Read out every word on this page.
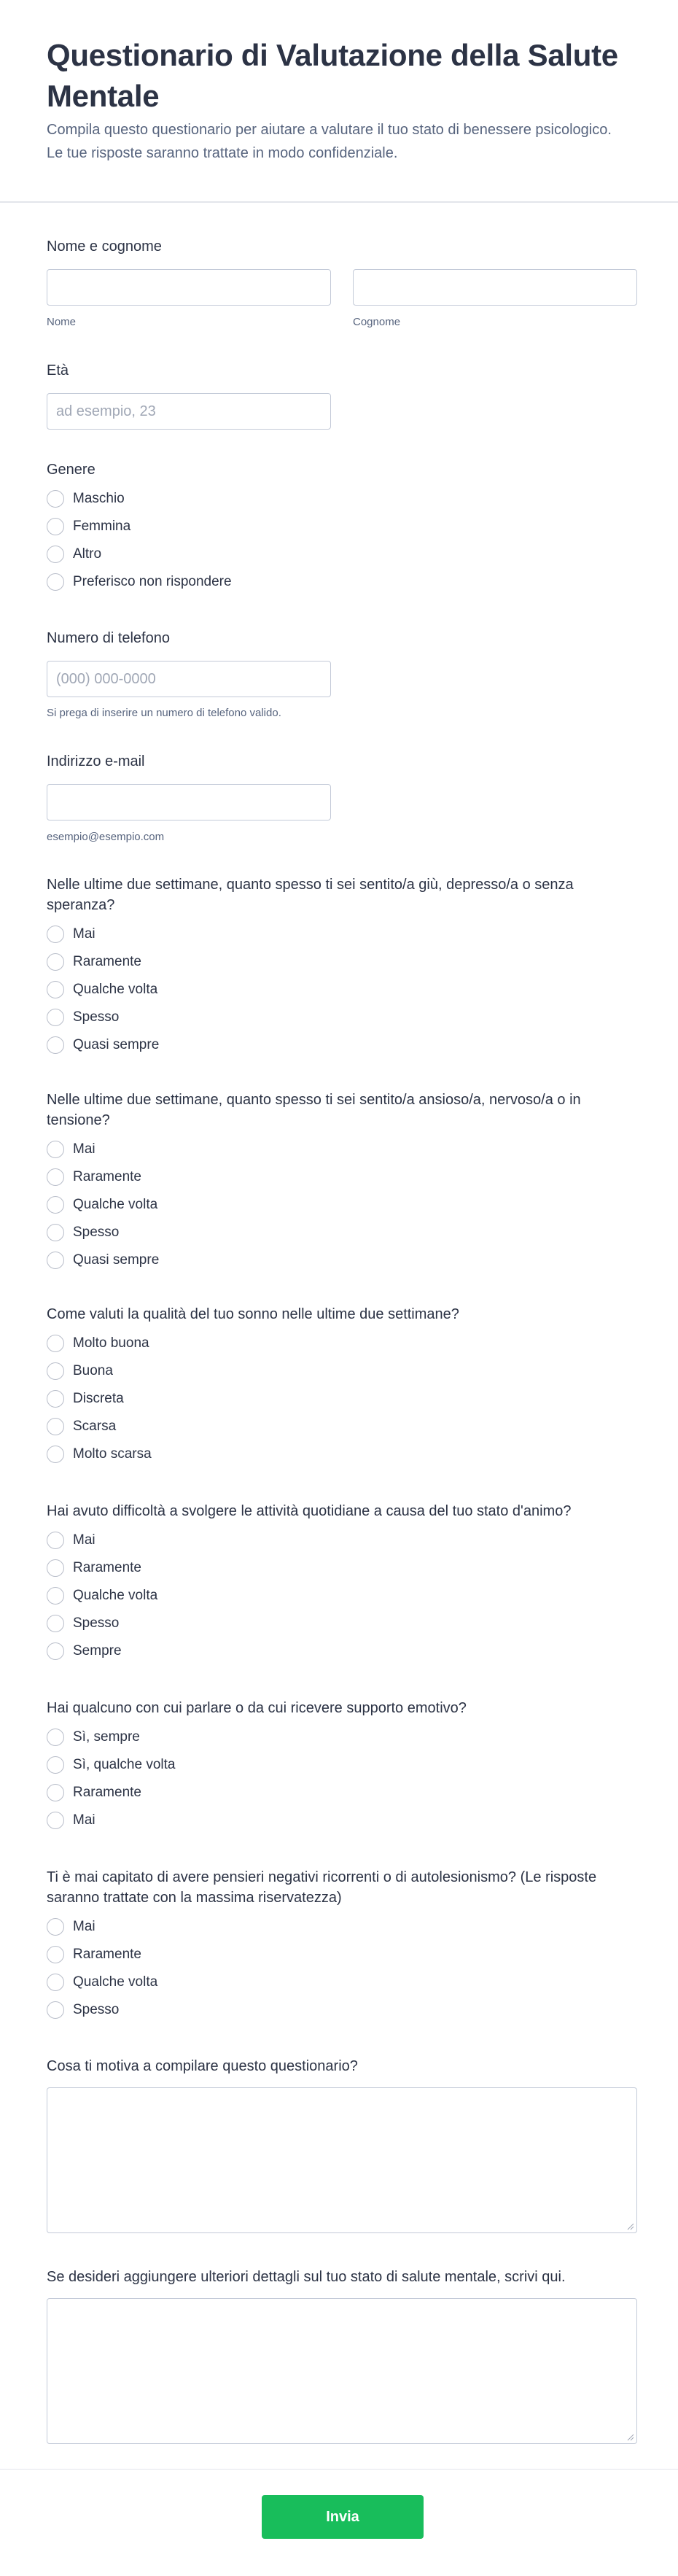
Questionario di Valutazione della Salute Mentale

Compila questo questionario per aiutare a valutare il tuo stato di benessere psicologico. Le tue risposte saranno trattate in modo confidenziale.

Nome e cognome
Nome	Cognome
Età
ad esempio, 23
Genere
Maschio
Femmina
Altro
Preferisco non rispondere
Numero di telefono
(000) 000-0000
Si prega di inserire un numero di telefono valido.
Indirizzo e-mail
esempio@esempio.com
Nelle ultime due settimane, quanto spesso ti sei sentito/a giù, depresso/a o senza speranza?
Mai
Raramente
Qualche volta
Spesso
Quasi sempre
Nelle ultime due settimane, quanto spesso ti sei sentito/a ansioso/a, nervoso/a o in tensione?
Mai
Raramente
Qualche volta
Spesso
Quasi sempre
Come valuti la qualità del tuo sonno nelle ultime due settimane?
Molto buona
Buona
Discreta
Scarsa
Molto scarsa
Hai avuto difficoltà a svolgere le attività quotidiane a causa del tuo stato d'animo?
Mai
Raramente
Qualche volta
Spesso
Sempre
Hai qualcuno con cui parlare o da cui ricevere supporto emotivo?
Sì, sempre
Sì, qualche volta
Raramente
Mai
Ti è mai capitato di avere pensieri negativi ricorrenti o di autolesionismo? (Le risposte saranno trattate con la massima riservatezza)
Mai
Raramente
Qualche volta
Spesso
Cosa ti motiva a compilare questo questionario?
Se desideri aggiungere ulteriori dettagli sul tuo stato di salute mentale, scrivi qui.
Invia
